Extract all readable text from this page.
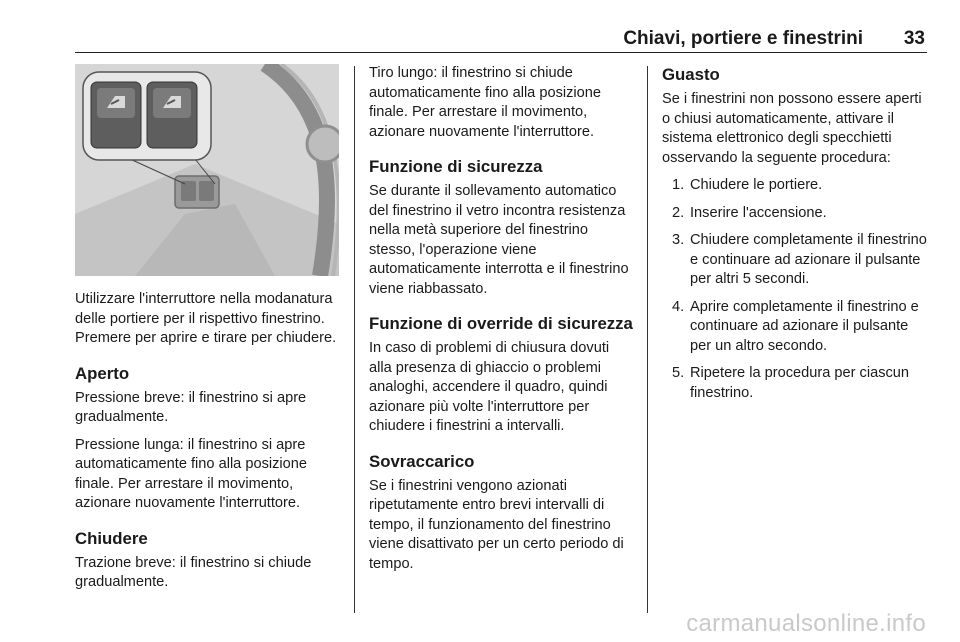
Chiavi, portiere e finestrini 33

Utilizzare l'interruttore nella modanatura delle portiere per il rispettivo finestrino. Premere per aprire e tirare per chiudere.

Aperto

Pressione breve: il finestrino si apre gradualmente.

Pressione lunga: il finestrino si apre automaticamente fino alla posizione finale. Per arrestare il movimento, azionare nuovamente l'interruttore.

Chiudere

Trazione breve: il finestrino si chiude gradualmente.

Tiro lungo: il finestrino si chiude automaticamente fino alla posizione finale. Per arrestare il movimento, azionare nuovamente l'interruttore.

Funzione di sicurezza

Se durante il sollevamento automatico del finestrino il vetro incontra resistenza nella metà superiore del finestrino stesso, l'operazione viene automaticamente interrotta e il finestrino viene riabbassato.

Funzione di override di sicurezza

In caso di problemi di chiusura dovuti alla presenza di ghiaccio o problemi analoghi, accendere il quadro, quindi azionare più volte l'interruttore per chiudere i finestrini a intervalli.

Sovraccarico

Se i finestrini vengono azionati ripetutamente entro brevi intervalli di tempo, il funzionamento del finestrino viene disattivato per un certo periodo di tempo.

Guasto

Se i finestrini non possono essere aperti o chiusi automaticamente, attivare il sistema elettronico degli specchietti osservando la seguente procedura:

1. Chiudere le portiere.
2. Inserire l'accensione.
3. Chiudere completamente il finestrino e continuare ad azionare il pulsante per altri 5 secondi.
4. Aprire completamente il finestrino e continuare ad azionare il pulsante per un altro secondo.
5. Ripetere la procedura per ciascun finestrino.
carmanualsonline.info
